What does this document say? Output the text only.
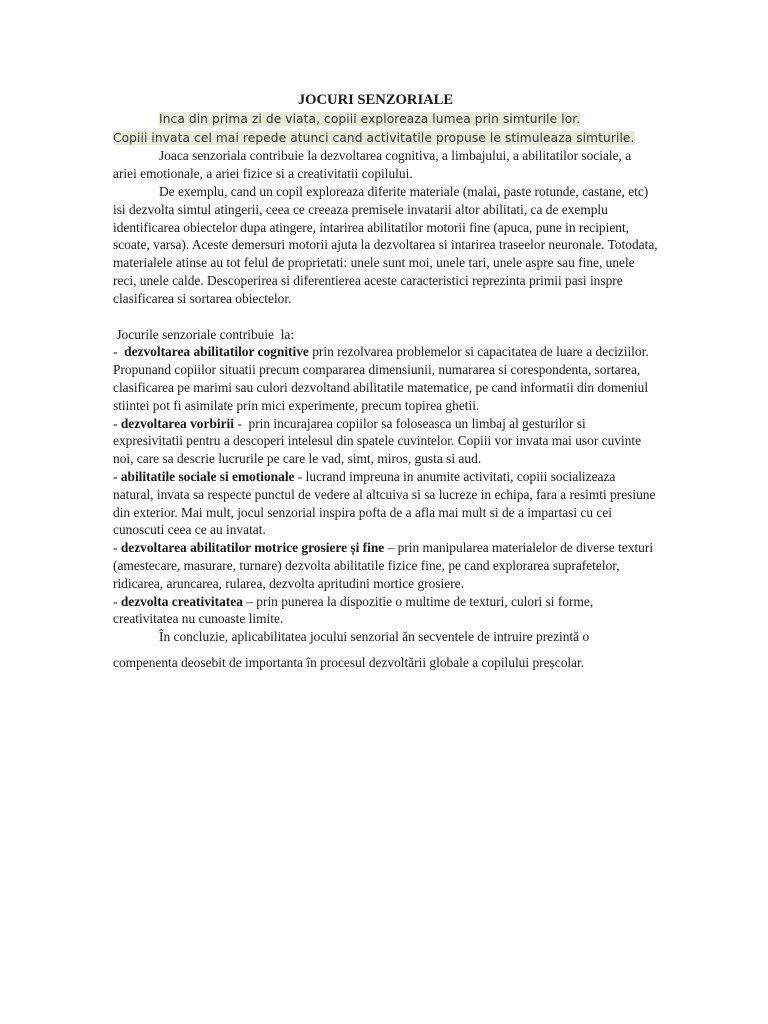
JOCURI SENZORIALE

Inca din prima zi de viata, copiii exploreaza lumea prin simturile lor.

Copiii invata cel mai repede atunci cand activitatile propuse le stimuleaza simturile.

Joaca senzoriala contribuie la dezvoltarea cognitiva, a limbajului, a abilitatilor sociale, a ariei emotionale, a ariei fizice si a creativitatii copilului.

De exemplu, cand un copil exploreaza diferite materiale (malai, paste rotunde, castane, etc) isi dezvolta simtul atingerii, ceea ce creeaza premisele invatarii altor abilitati, ca de exemplu identificarea obiectelor dupa atingere, intarirea abilitatilor motorii fine (apuca, pune in recipient, scoate, varsa). Aceste demersuri motorii ajuta la dezvoltarea si intarirea traseelor neuronale. Totodata, materialele atinse au tot felul de proprietati: unele sunt moi, unele tari, unele aspre sau fine, unele reci, unele calde. Descoperirea si diferentierea aceste caracteristici reprezinta primii pasi inspre clasificarea si sortarea obiectelor.

Jocurile senzoriale contribuie  la:

-  dezvoltarea abilitatilor cognitive prin rezolvarea problemelor si capacitatea de luare a deciziilor. Propunand copiilor situatii precum compararea dimensiunii, numararea si corespondenta, sortarea, clasificarea pe marimi sau culori dezvoltand abilitatile matematice, pe cand informatii din domeniul stiintei pot fi asimilate prin mici experimente, precum topirea ghetii.

- dezvoltarea vorbirii -  prin incurajarea copiilor sa foloseasca un limbaj al gesturilor si expresivitatii pentru a descoperi intelesul din spatele cuvintelor. Copiii vor invata mai usor cuvinte noi, care sa descrie lucrurile pe care le vad, simt, miros, gusta si aud.

- abilitatile sociale si emotionale - lucrand impreuna in anumite activitati, copiii socializeaza natural, invata sa respecte punctul de vedere al altcuiva si sa lucreze in echipa, fara a resimti presiune din exterior. Mai mult, jocul senzorial inspira pofta de a afla mai mult si de a impartasi cu cei cunoscuti ceea ce au invatat.

- dezvoltarea abilitatilor motrice grosiere și fine – prin manipularea materialelor de diverse texturi (amestecare, masurare, turnare) dezvolta abilitatile fizice fine, pe cand explorarea suprafetelor, ridicarea, aruncarea, rularea, dezvolta apritudini mortice grosiere.

- dezvolta creativitatea – prin punerea la dispozitie o multime de texturi, culori si forme, creativitatea nu cunoaste limite.

În concluzie, aplicabilitatea jocului senzorial ăn secventele de intruire prezintă o

compenenta deosebit de importanta în procesul dezvoltării globale a copilului preșcolar.
